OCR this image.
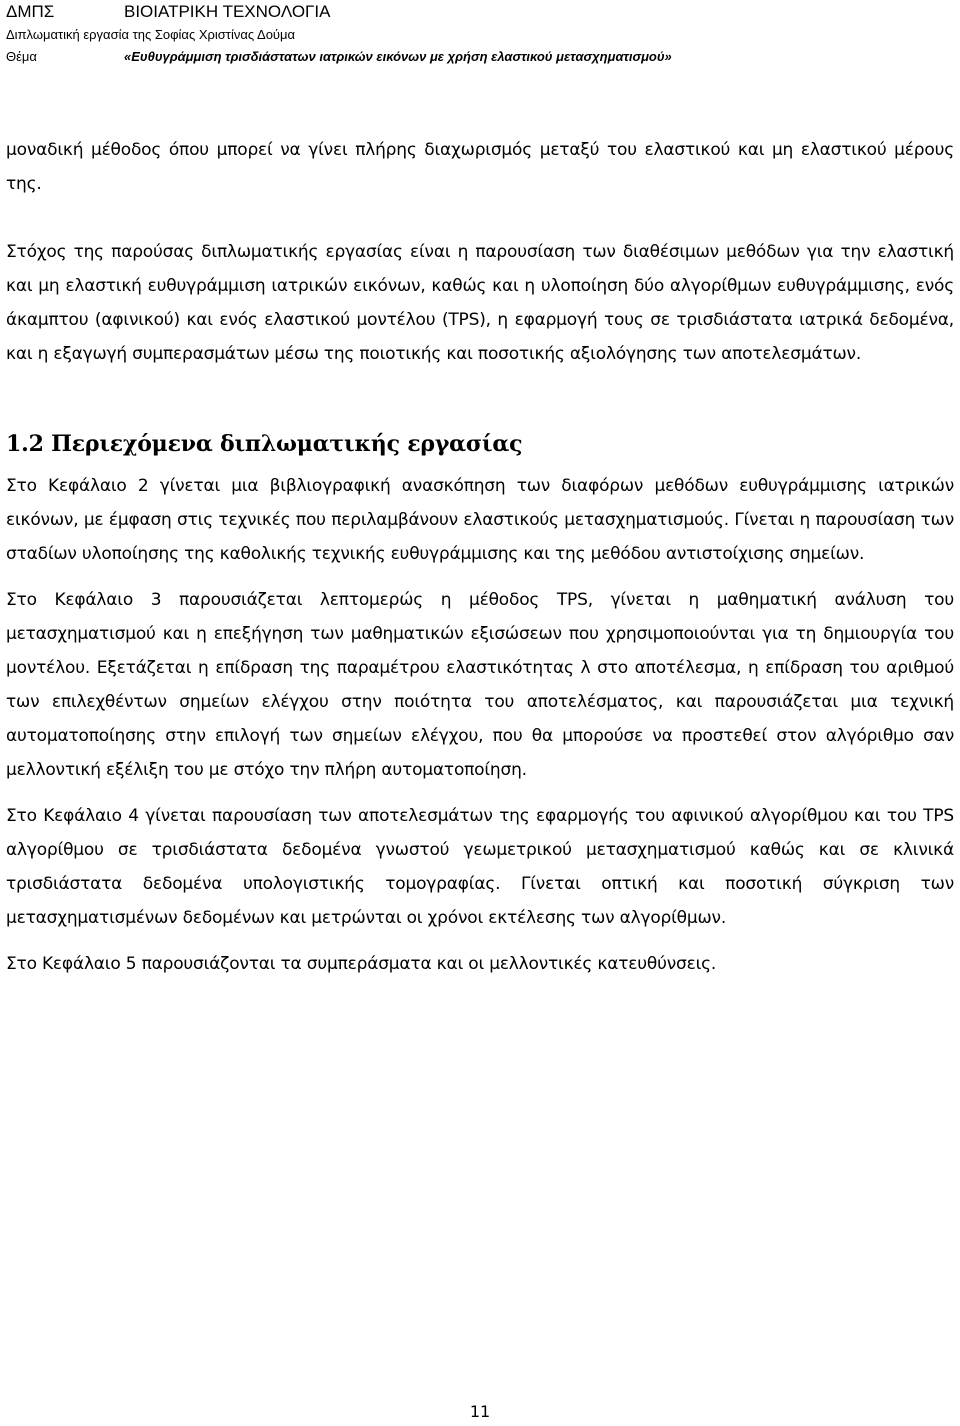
ΔΜΠΣ	ΒΙΟΙΑΤΡΙΚΗ ΤΕΧΝΟΛΟΓΙΑ
Διπλωματική εργασία της Σοφίας Χριστίνας Δούμα
Θέμα	«Ευθυγράμμιση τρισδιάστατων ιατρικών εικόνων με χρήση ελαστικού μετασχηματισμού»

μοναδική μέθοδος όπου μπορεί να γίνει πλήρης διαχωρισμός μεταξύ του ελαστικού και μη ελαστικού μέρους της.

Στόχος της παρούσας διπλωματικής εργασίας είναι η παρουσίαση των διαθέσιμων μεθόδων για την ελαστική και μη ελαστική ευθυγράμμιση ιατρικών εικόνων, καθώς και η υλοποίηση δύο αλγορίθμων ευθυγράμμισης, ενός άκαμπτου (αφινικού) και ενός ελαστικού μοντέλου (TPS), η εφαρμογή τους σε τρισδιάστατα ιατρικά δεδομένα, και η εξαγωγή συμπερασμάτων μέσω της ποιοτικής και ποσοτικής αξιολόγησης των αποτελεσμάτων.

1.2 Περιεχόμενα διπλωματικής εργασίας

Στο Κεφάλαιο 2 γίνεται μια βιβλιογραφική ανασκόπηση των διαφόρων μεθόδων ευθυγράμμισης ιατρικών εικόνων, με έμφαση στις τεχνικές που περιλαμβάνουν ελαστικούς μετασχηματισμούς. Γίνεται η παρουσίαση των σταδίων υλοποίησης της καθολικής τεχνικής ευθυγράμμισης και της μεθόδου αντιστοίχισης σημείων.

Στο Κεφάλαιο 3 παρουσιάζεται λεπτομερώς η μέθοδος TPS, γίνεται η μαθηματική ανάλυση του μετασχηματισμού και η επεξήγηση των μαθηματικών εξισώσεων που χρησιμοποιούνται για τη δημιουργία του μοντέλου. Εξετάζεται η επίδραση της παραμέτρου ελαστικότητας λ στο αποτέλεσμα, η επίδραση του αριθμού των επιλεχθέντων σημείων ελέγχου στην ποιότητα του αποτελέσματος, και παρουσιάζεται μια τεχνική αυτοματοποίησης στην επιλογή των σημείων ελέγχου, που θα μπορούσε να προστεθεί στον αλγόριθμο σαν μελλοντική εξέλιξη του με στόχο την πλήρη αυτοματοποίηση.

Στο Κεφάλαιο 4 γίνεται παρουσίαση των αποτελεσμάτων της εφαρμογής του αφινικού αλγορίθμου και του TPS αλγορίθμου σε τρισδιάστατα δεδομένα γνωστού γεωμετρικού μετασχηματισμού καθώς και σε κλινικά τρισδιάστατα δεδομένα υπολογιστικής τομογραφίας. Γίνεται οπτική και ποσοτική σύγκριση των μετασχηματισμένων δεδομένων και μετρώνται οι χρόνοι εκτέλεσης των αλγορίθμων.

Στο Κεφάλαιο 5 παρουσιάζονται τα συμπεράσματα και οι μελλοντικές κατευθύνσεις.

11
